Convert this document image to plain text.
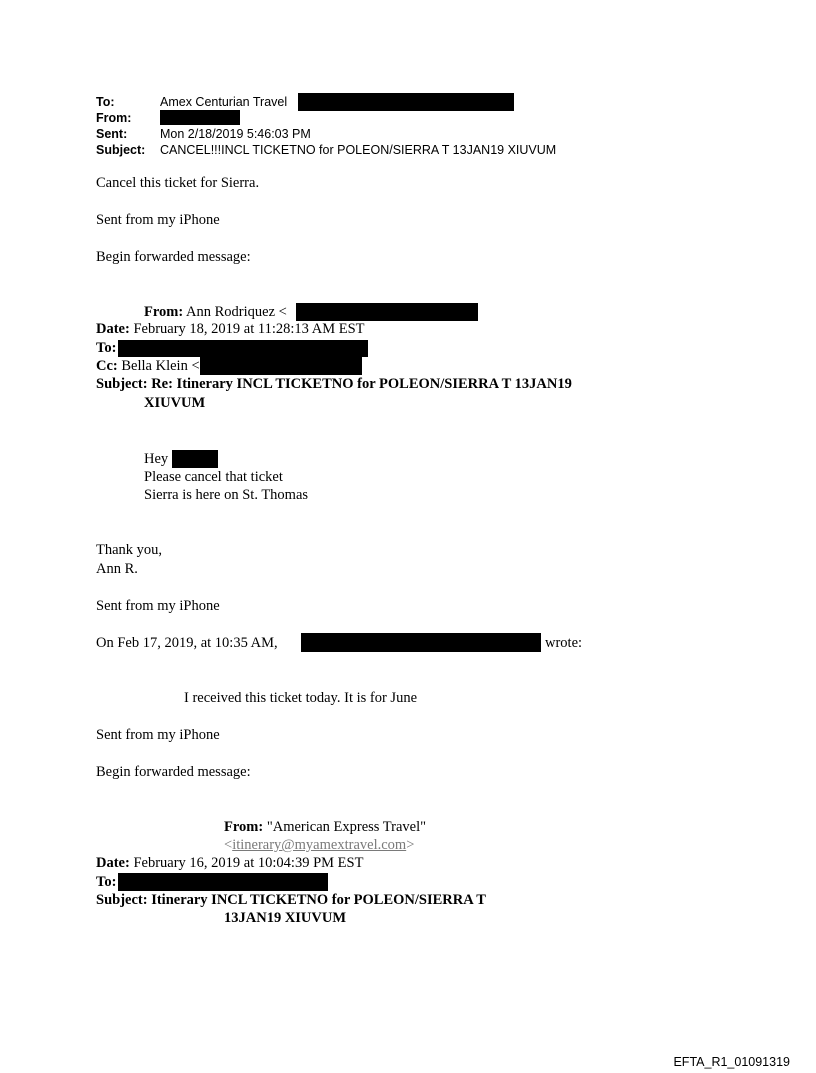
To:	Amex Centurian Travel
From:
Sent:	Mon 2/18/2019 5:46:03 PM
Subject: CANCEL!!!INCL TICKETNO for POLEON/SIERRA T 13JAN19 XIUVUM
Cancel this ticket for Sierra.
Sent from my iPhone
Begin forwarded message:
From: Ann Rodriquez <
Date: February 18, 2019 at 11:28:13 AM EST
To:
Cc: Bella Klein <
Subject: Re: Itinerary INCL TICKETNO for POLEON/SIERRA T 13JAN19
XIUVUM
Hey
Please cancel that ticket
Sierra is here on St. Thomas
Thank you,
Ann R.
Sent from my iPhone
On Feb 17, 2019, at 10:35 AM,	wrote:
I received this ticket today. It is for June
Sent from my iPhone
Begin forwarded message:
From: "American Express Travel"
<itinerary@myamextravel.com>
Date: February 16, 2019 at 10:04:39 PM EST
To:
Subject: Itinerary INCL TICKETNO for POLEON/SIERRA T
13JAN19 XIUVUM
EFTA_R1_01091319
